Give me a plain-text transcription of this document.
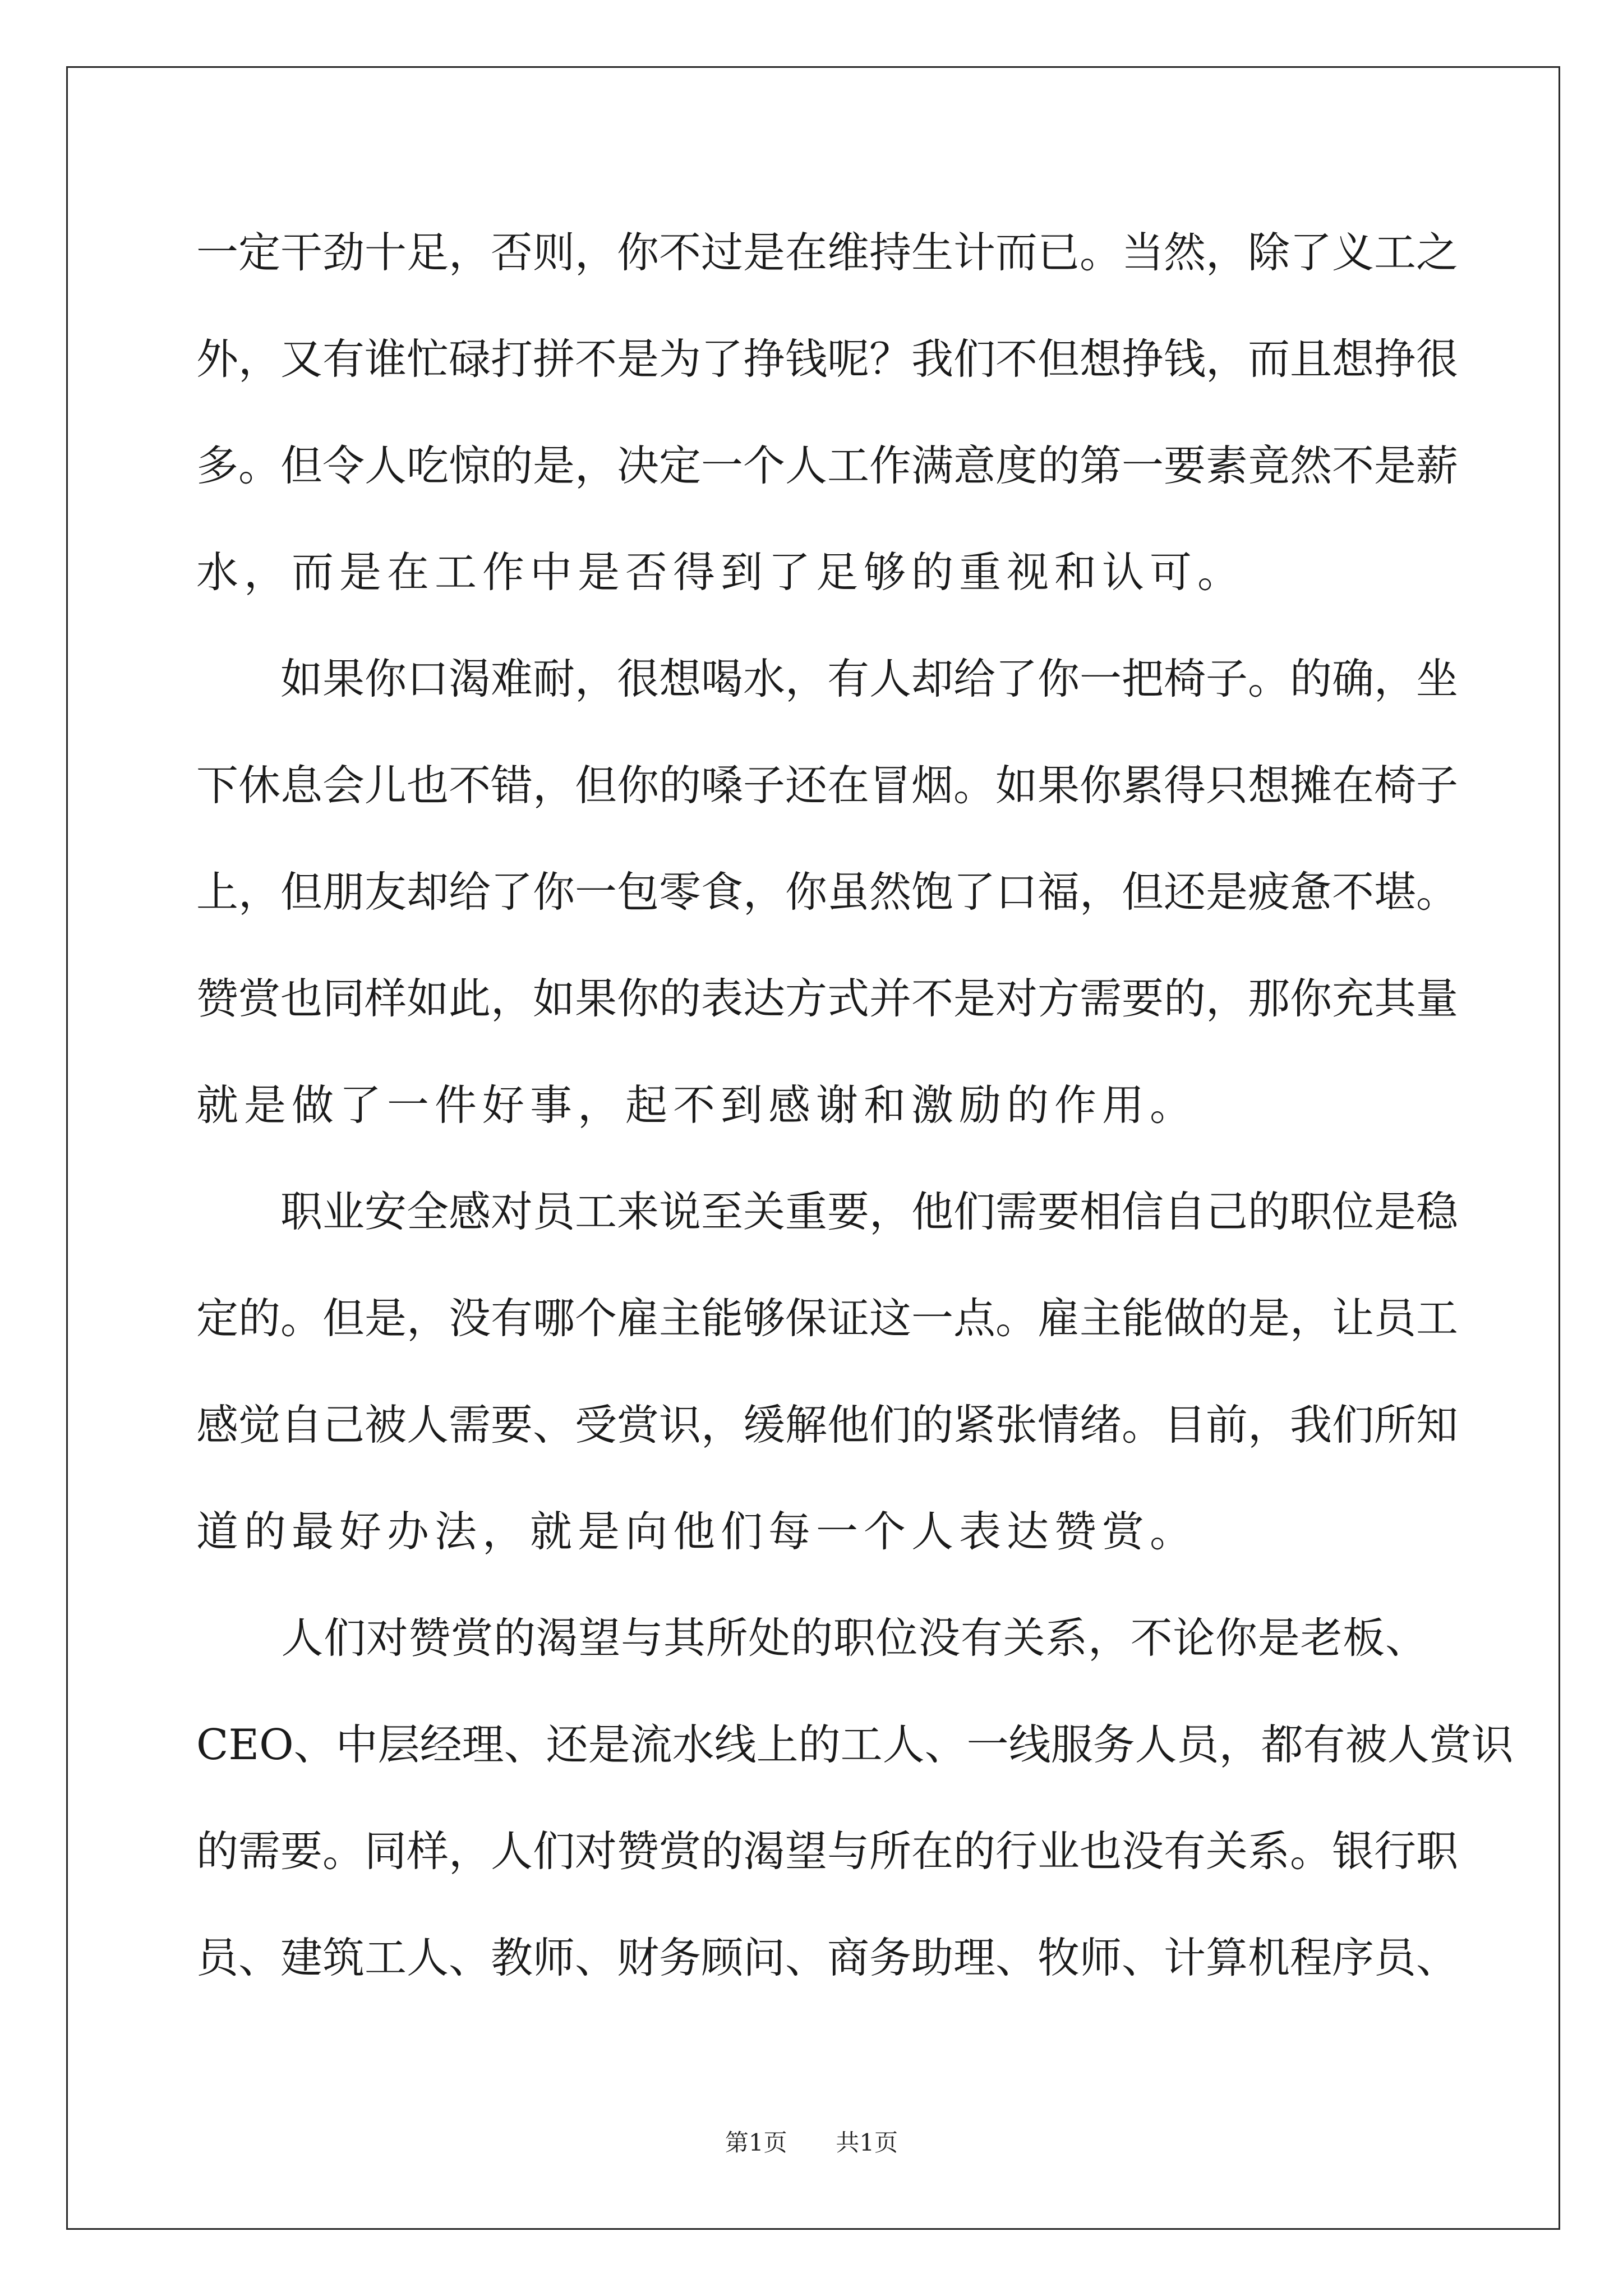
一定干劲十足，否则，你不过是在维持生计而已。当然，除了义工之
外，又有谁忙碌打拼不是为了挣钱呢？我们不但想挣钱，而且想挣很
多。但令人吃惊的是，决定一个人工作满意度的第一要素竟然不是薪
水，而是在工作中是否得到了足够的重视和认可。

　　如果你口渴难耐，很想喝水，有人却给了你一把椅子。的确，坐
下休息会儿也不错，但你的嗓子还在冒烟。如果你累得只想摊在椅子
上，但朋友却给了你一包零食，你虽然饱了口福，但还是疲惫不堪。
赞赏也同样如此，如果你的表达方式并不是对方需要的，那你充其量
就是做了一件好事，起不到感谢和激励的作用。

　　职业安全感对员工来说至关重要，他们需要相信自己的职位是稳
定的。但是，没有哪个雇主能够保证这一点。雇主能做的是，让员工
感觉自己被人需要、受赏识，缓解他们的紧张情绪。目前，我们所知
道的最好办法，就是向他们每一个人表达赞赏。

　　人们对赞赏的渴望与其所处的职位没有关系，不论你是老板、
CEO、中层经理、还是流水线上的工人、一线服务人员，都有被人赏识
的需要。同样，人们对赞赏的渴望与所在的行业也没有关系。银行职
员、建筑工人、教师、财务顾问、商务助理、牧师、计算机程序员、

第1页 共1页
